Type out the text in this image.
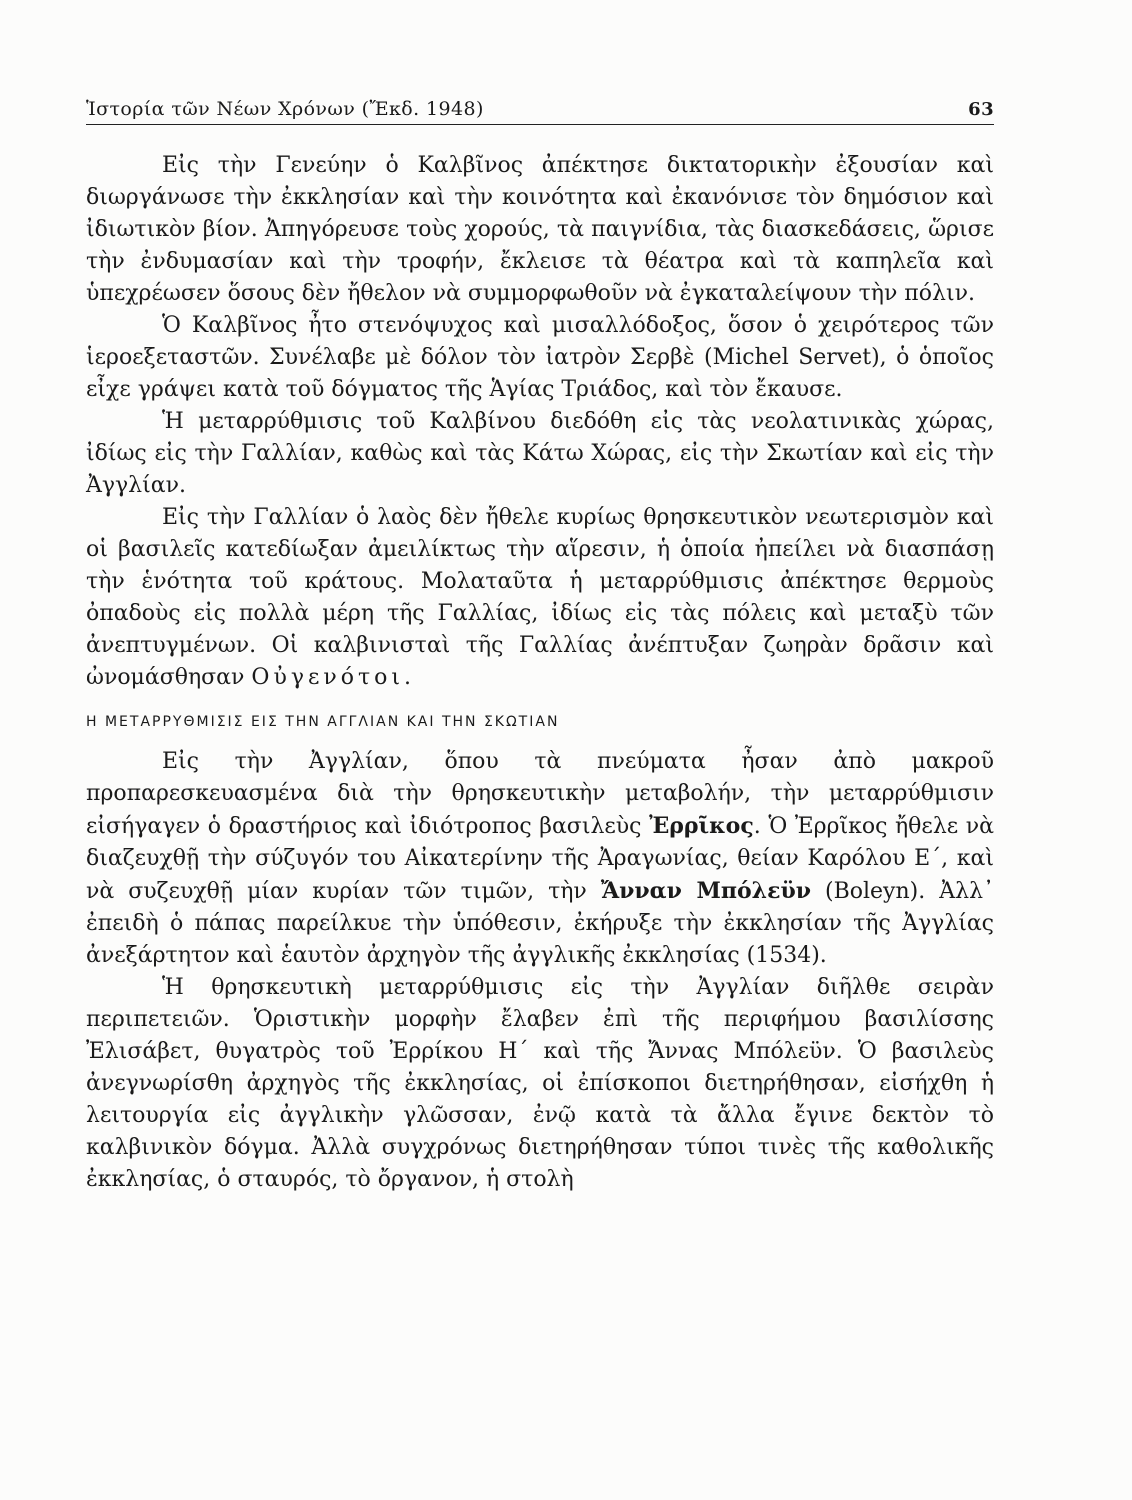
Ἱστορία τῶν Νέων Χρόνων (Ἔκδ. 1948)	63

Εἰς τὴν Γενεύην ὁ Καλβῖνος ἀπέκτησε δικτατορικὴν ἐξουσίαν καὶ διωργάνωσε τὴν ἐκκλησίαν καὶ τὴν κοινότητα καὶ ἐκανόνισε τὸν δημόσιον καὶ ἰδιωτικὸν βίον. Ἀπηγόρευσε τοὺς χορούς, τὰ παιγνίδια, τὰς διασκεδάσεις, ὥρισε τὴν ἐνδυμασίαν καὶ τὴν τροφήν, ἔκλεισε τὰ θέατρα καὶ τὰ καπηλεῖα καὶ ὑπεχρέωσεν ὅσους δὲν ἤθελον νὰ συμμορφωθοῦν νὰ ἐγκαταλείψουν τὴν πόλιν.

Ὁ Καλβῖνος ἦτο στενόψυχος καὶ μισαλλόδοξος, ὅσον ὁ χειρότερος τῶν ἱεροεξεταστῶν. Συνέλαβε μὲ δόλον τὸν ἰατρὸν Σερβὲ (Michel Servet), ὁ ὁποῖος εἶχε γράψει κατὰ τοῦ δόγματος τῆς Ἁγίας Τριάδος, καὶ τὸν ἔκαυσε.

Ἡ μεταρρύθμισις τοῦ Καλβίνου διεδόθη εἰς τὰς νεολατινικὰς χώρας, ἰδίως εἰς τὴν Γαλλίαν, καθὼς καὶ τὰς Κάτω Χώρας, εἰς τὴν Σκωτίαν καὶ εἰς τὴν Ἀγγλίαν.

Εἰς τὴν Γαλλίαν ὁ λαὸς δὲν ἤθελε κυρίως θρησκευτικὸν νεωτερισμὸν καὶ οἱ βασιλεῖς κατεδίωξαν ἀμειλίκτως τὴν αἵρεσιν, ἡ ὁποία ἠπείλει νὰ διασπάσῃ τὴν ἑνότητα τοῦ κράτους. Μολαταῦτα ἡ μεταρρύθμισις ἀπέκτησε θερμοὺς ὀπαδοὺς εἰς πολλὰ μέρη τῆς Γαλλίας, ἰδίως εἰς τὰς πόλεις καὶ μεταξὺ τῶν ἀνεπτυγμένων. Οἱ καλβινισταὶ τῆς Γαλλίας ἀνέπτυξαν ζωηρὰν δρᾶσιν καὶ ὠνομάσθησαν Οὐγενότοι.

Η ΜΕΤΑΡΡΥΘΜΙΣΙΣ ΕΙΣ ΤΗΝ ΑΓΓΛΙΑΝ ΚΑΙ ΤΗΝ ΣΚΩΤΙΑΝ

Εἰς τὴν Ἀγγλίαν, ὅπου τὰ πνεύματα ἦσαν ἀπὸ μακροῦ προπαρεσκευασμένα διὰ τὴν θρησκευτικὴν μεταβολήν, τὴν μεταρρύθμισιν εἰσήγαγεν ὁ δραστήριος καὶ ἰδιότροπος βασιλεὺς Ἐρρῖκος. Ὁ Ἐρρῖκος ἤθελε νὰ διαζευχθῇ τὴν σύζυγόν του Αἰκατερίνην τῆς Ἀραγωνίας, θείαν Καρόλου Ε΄, καὶ νὰ συζευχθῇ μίαν κυρίαν τῶν τιμῶν, τὴν Ἄνναν Μπόλεϋν (Boleyn). Ἀλλ᾿ ἐπειδὴ ὁ πάπας παρείλκυε τὴν ὑπόθεσιν, ἐκήρυξε τὴν ἐκκλησίαν τῆς Ἀγγλίας ἀνεξάρτητον καὶ ἑαυτὸν ἀρχηγὸν τῆς ἀγγλικῆς ἐκκλησίας (1534).

Ἡ θρησκευτικὴ μεταρρύθμισις εἰς τὴν Ἀγγλίαν διῆλθε σειρὰν περιπετειῶν. Ὁριστικὴν μορφὴν ἔλαβεν ἐπὶ τῆς περιφήμου βασιλίσσης Ἐλισάβετ, θυγατρὸς τοῦ Ἐρρίκου Η΄ καὶ τῆς Ἄννας Μπόλεϋν. Ὁ βασιλεὺς ἀνεγνωρίσθη ἀρχηγὸς τῆς ἐκκλησίας, οἱ ἐπίσκοποι διετηρήθησαν, εἰσήχθη ἡ λειτουργία εἰς ἀγγλικὴν γλῶσσαν, ἐνῷ κατὰ τὰ ἄλλα ἔγινε δεκτὸν τὸ καλβινικὸν δόγμα. Ἀλλὰ συγχρόνως διετηρήθησαν τύποι τινὲς τῆς καθολικῆς ἐκκλησίας, ὁ σταυρός, τὸ ὄργανον, ἡ στολὴ
